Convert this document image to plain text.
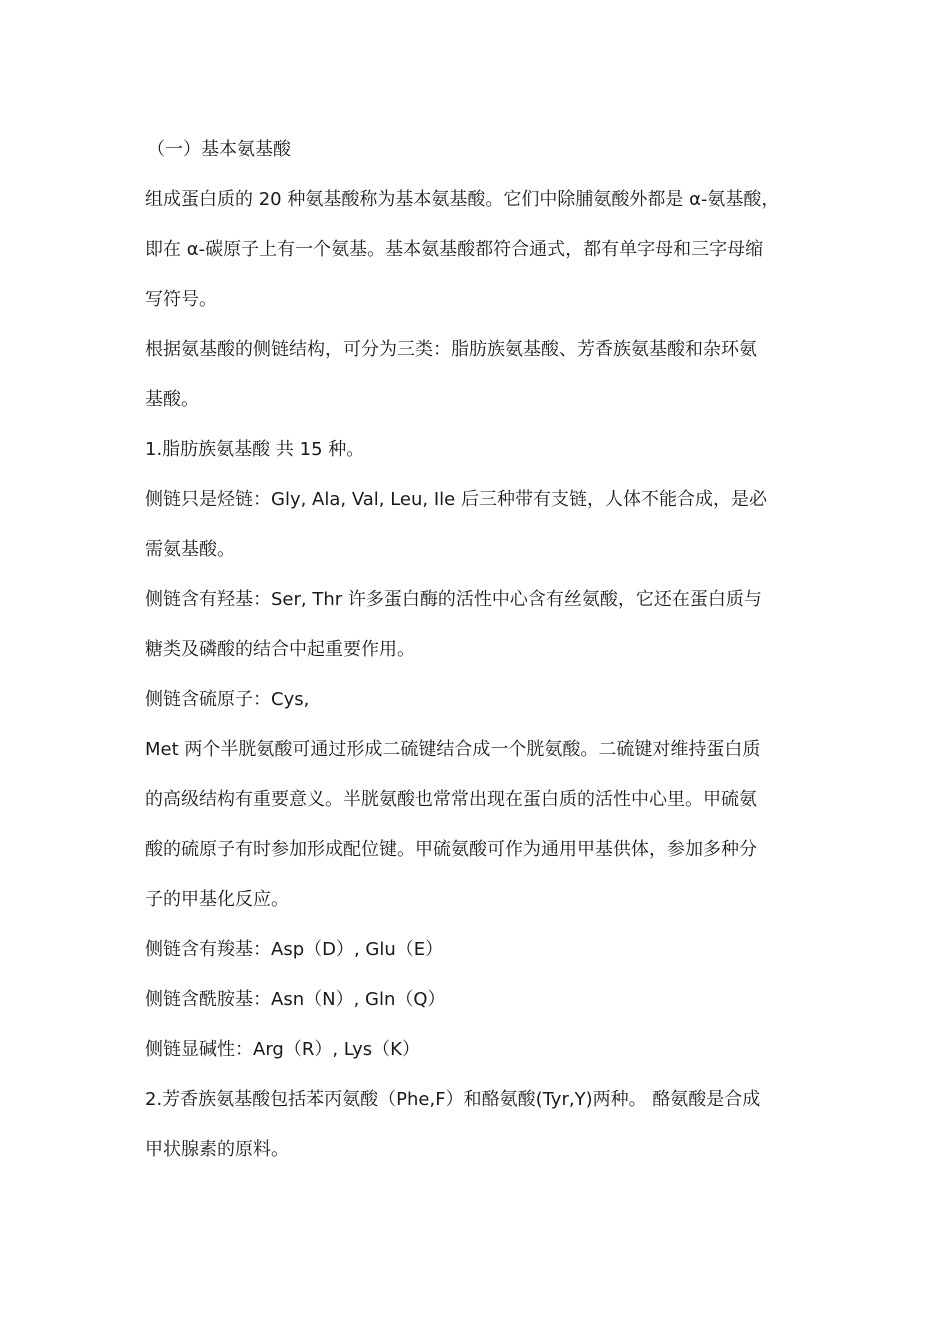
（一）基本氨基酸
组成蛋白质的 20 种氨基酸称为基本氨基酸。它们中除脯氨酸外都是 α-氨基酸，
即在 α-碳原子上有一个氨基。基本氨基酸都符合通式，都有单字母和三字母缩
写符号。
根据氨基酸的侧链结构，可分为三类：脂肪族氨基酸、芳香族氨基酸和杂环氨
基酸。
1.脂肪族氨基酸 共 15 种。
侧链只是烃链：Gly, Ala, Val, Leu, Ile 后三种带有支链，人体不能合成，是必
需氨基酸。
侧链含有羟基：Ser, Thr 许多蛋白酶的活性中心含有丝氨酸，它还在蛋白质与
糖类及磷酸的结合中起重要作用。
侧链含硫原子：Cys,
Met 两个半胱氨酸可通过形成二硫键结合成一个胱氨酸。二硫键对维持蛋白质
的高级结构有重要意义。半胱氨酸也常常出现在蛋白质的活性中心里。甲硫氨
酸的硫原子有时参加形成配位键。甲硫氨酸可作为通用甲基供体，参加多种分
子的甲基化反应。
侧链含有羧基：Asp（D）, Glu（E）
侧链含酰胺基：Asn（N）, Gln（Q）
侧链显碱性：Arg（R）, Lys（K）
2.芳香族氨基酸包括苯丙氨酸（Phe,F）和酪氨酸(Tyr,Y)两种。 酪氨酸是合成
甲状腺素的原料。
